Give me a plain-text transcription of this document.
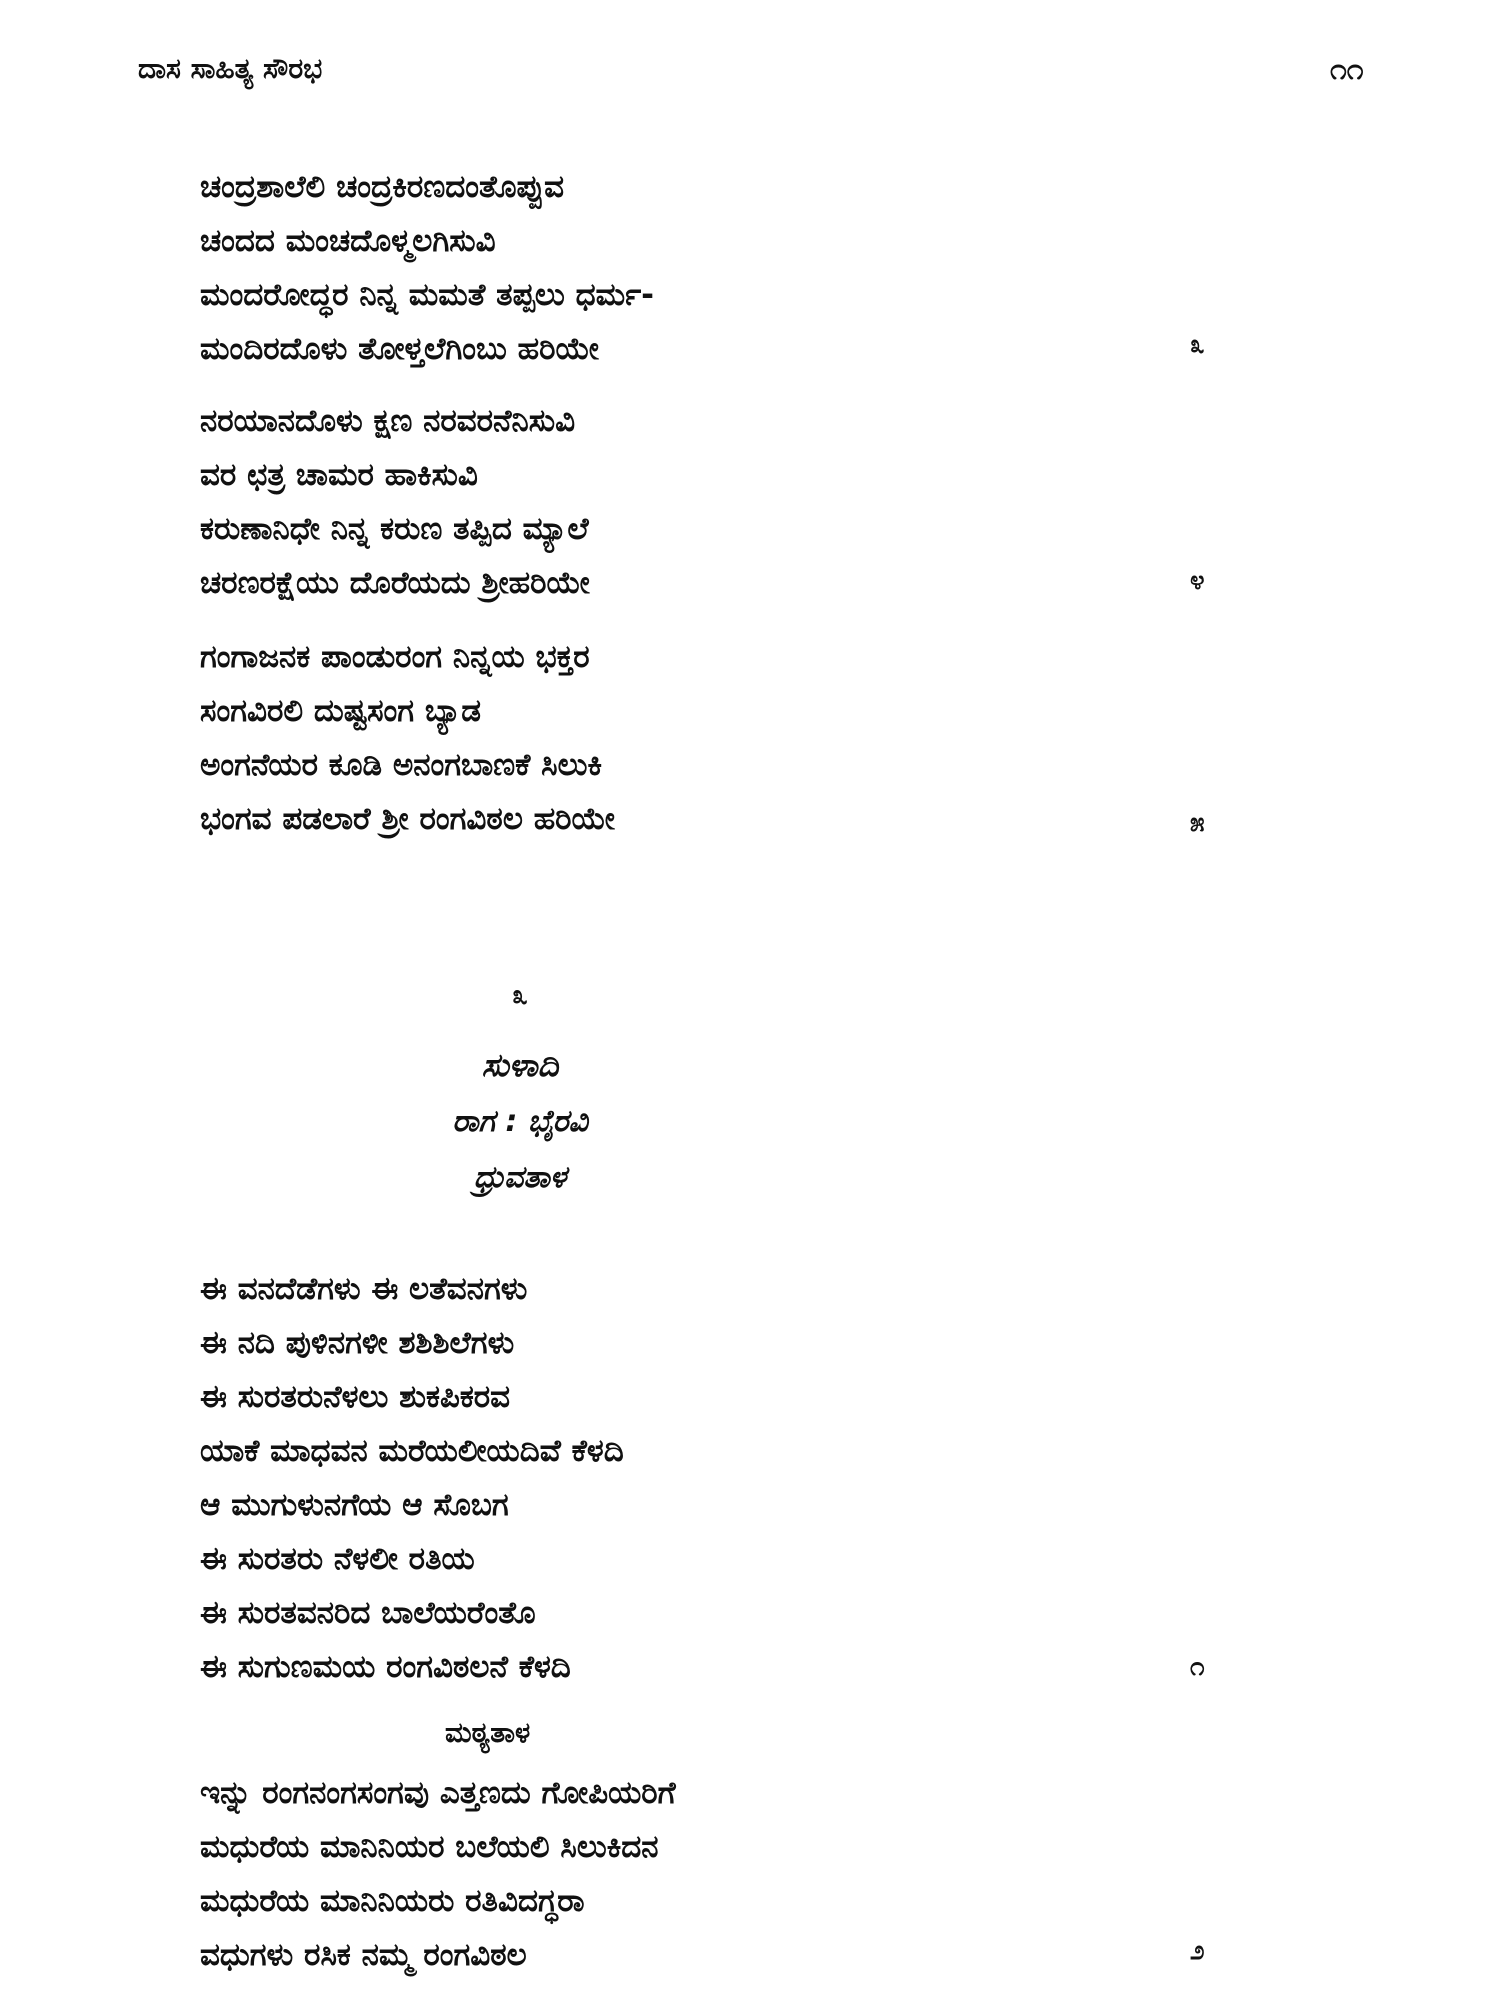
ದಾಸ ಸಾಹಿತ್ಯ ಸೌರಭ	೧೧
ಚಂದ್ರಶಾಲೆಲಿ ಚಂದ್ರಕಿರಣದಂತೊಪ್ಪುವ
ಚಂದದ ಮಂಚದೊಳ್ಮಲಗಿಸುವಿ
ಮಂದರೋದ್ಧರ ನಿನ್ನ ಮಮತೆ ತಪ್ಪಲು ಧರ್ಮ-
ಮಂದಿರದೊಳು ತೋಳ್ತಲೆಗಿಂಬು ಹರಿಯೇ	೩
ನರಯಾನದೊಳು ಕ್ಷಣ ನರವರನೆನಿಸುವಿ
ವರ ಛತ್ರ ಚಾಮರ ಹಾಕಿಸುವಿ
ಕರುಣಾನಿಧೇ ನಿನ್ನ ಕರುಣ ತಪ್ಪಿದ ಮ್ಯಾಲೆ
ಚರಣರಕ್ಷೆಯು ದೊರೆಯದು ಶ್ರೀಹರಿಯೇ	೪
ಗಂಗಾಜನಕ ಪಾಂಡುರಂಗ ನಿನ್ನಯ ಭಕ್ತರ
ಸಂಗವಿರಲಿ ದುಷ್ಟಸಂಗ ಬ್ಯಾಡ
ಅಂಗನೆಯರ ಕೂಡಿ ಅನಂಗಬಾಣಕೆ ಸಿಲುಕಿ
ಭಂಗವ ಪಡಲಾರೆ ಶ್ರೀ ರಂಗವಿಠಲ ಹರಿಯೇ	೫
೩
ಸುಳಾದಿ
ರಾಗ : ಭೈರವಿ
ಧ್ರುವತಾಳ
ಈ ವನದೆಡೆಗಳು ಈ ಲತೆವನಗಳು
ಈ ನದಿ ಪುಳಿನಗಳೀ ಶಶಿಶಿಲೆಗಳು
ಈ ಸುರತರುನೆಳಲು ಶುಕಪಿಕರವ
ಯಾಕೆ ಮಾಧವನ ಮರೆಯಲೀಯದಿವೆ ಕೆಳದಿ
ಆ ಮುಗುಳುನಗೆಯ ಆ ಸೊಬಗ
ಈ ಸುರತರು ನೆಳಲೀ ರತಿಯ
ಈ ಸುರತವನರಿದ ಬಾಲೆಯರೆಂತೊ
ಈ ಸುಗುಣಮಯ ರಂಗವಿಠಲನೆ ಕೆಳದಿ	೧
ಮಠ್ಯತಾಳ
ಇನ್ನು ರಂಗನಂಗಸಂಗವು ಎತ್ತಣದು ಗೋಪಿಯರಿಗೆ
ಮಧುರೆಯ ಮಾನಿನಿಯರ ಬಲೆಯಲಿ ಸಿಲುಕಿದನ
ಮಧುರೆಯ ಮಾನಿನಿಯರು ರತಿವಿದಗ್ಧರಾ
ವಧುಗಳು ರಸಿಕ ನಮ್ಮ ರಂಗವಿಠಲ	೨
